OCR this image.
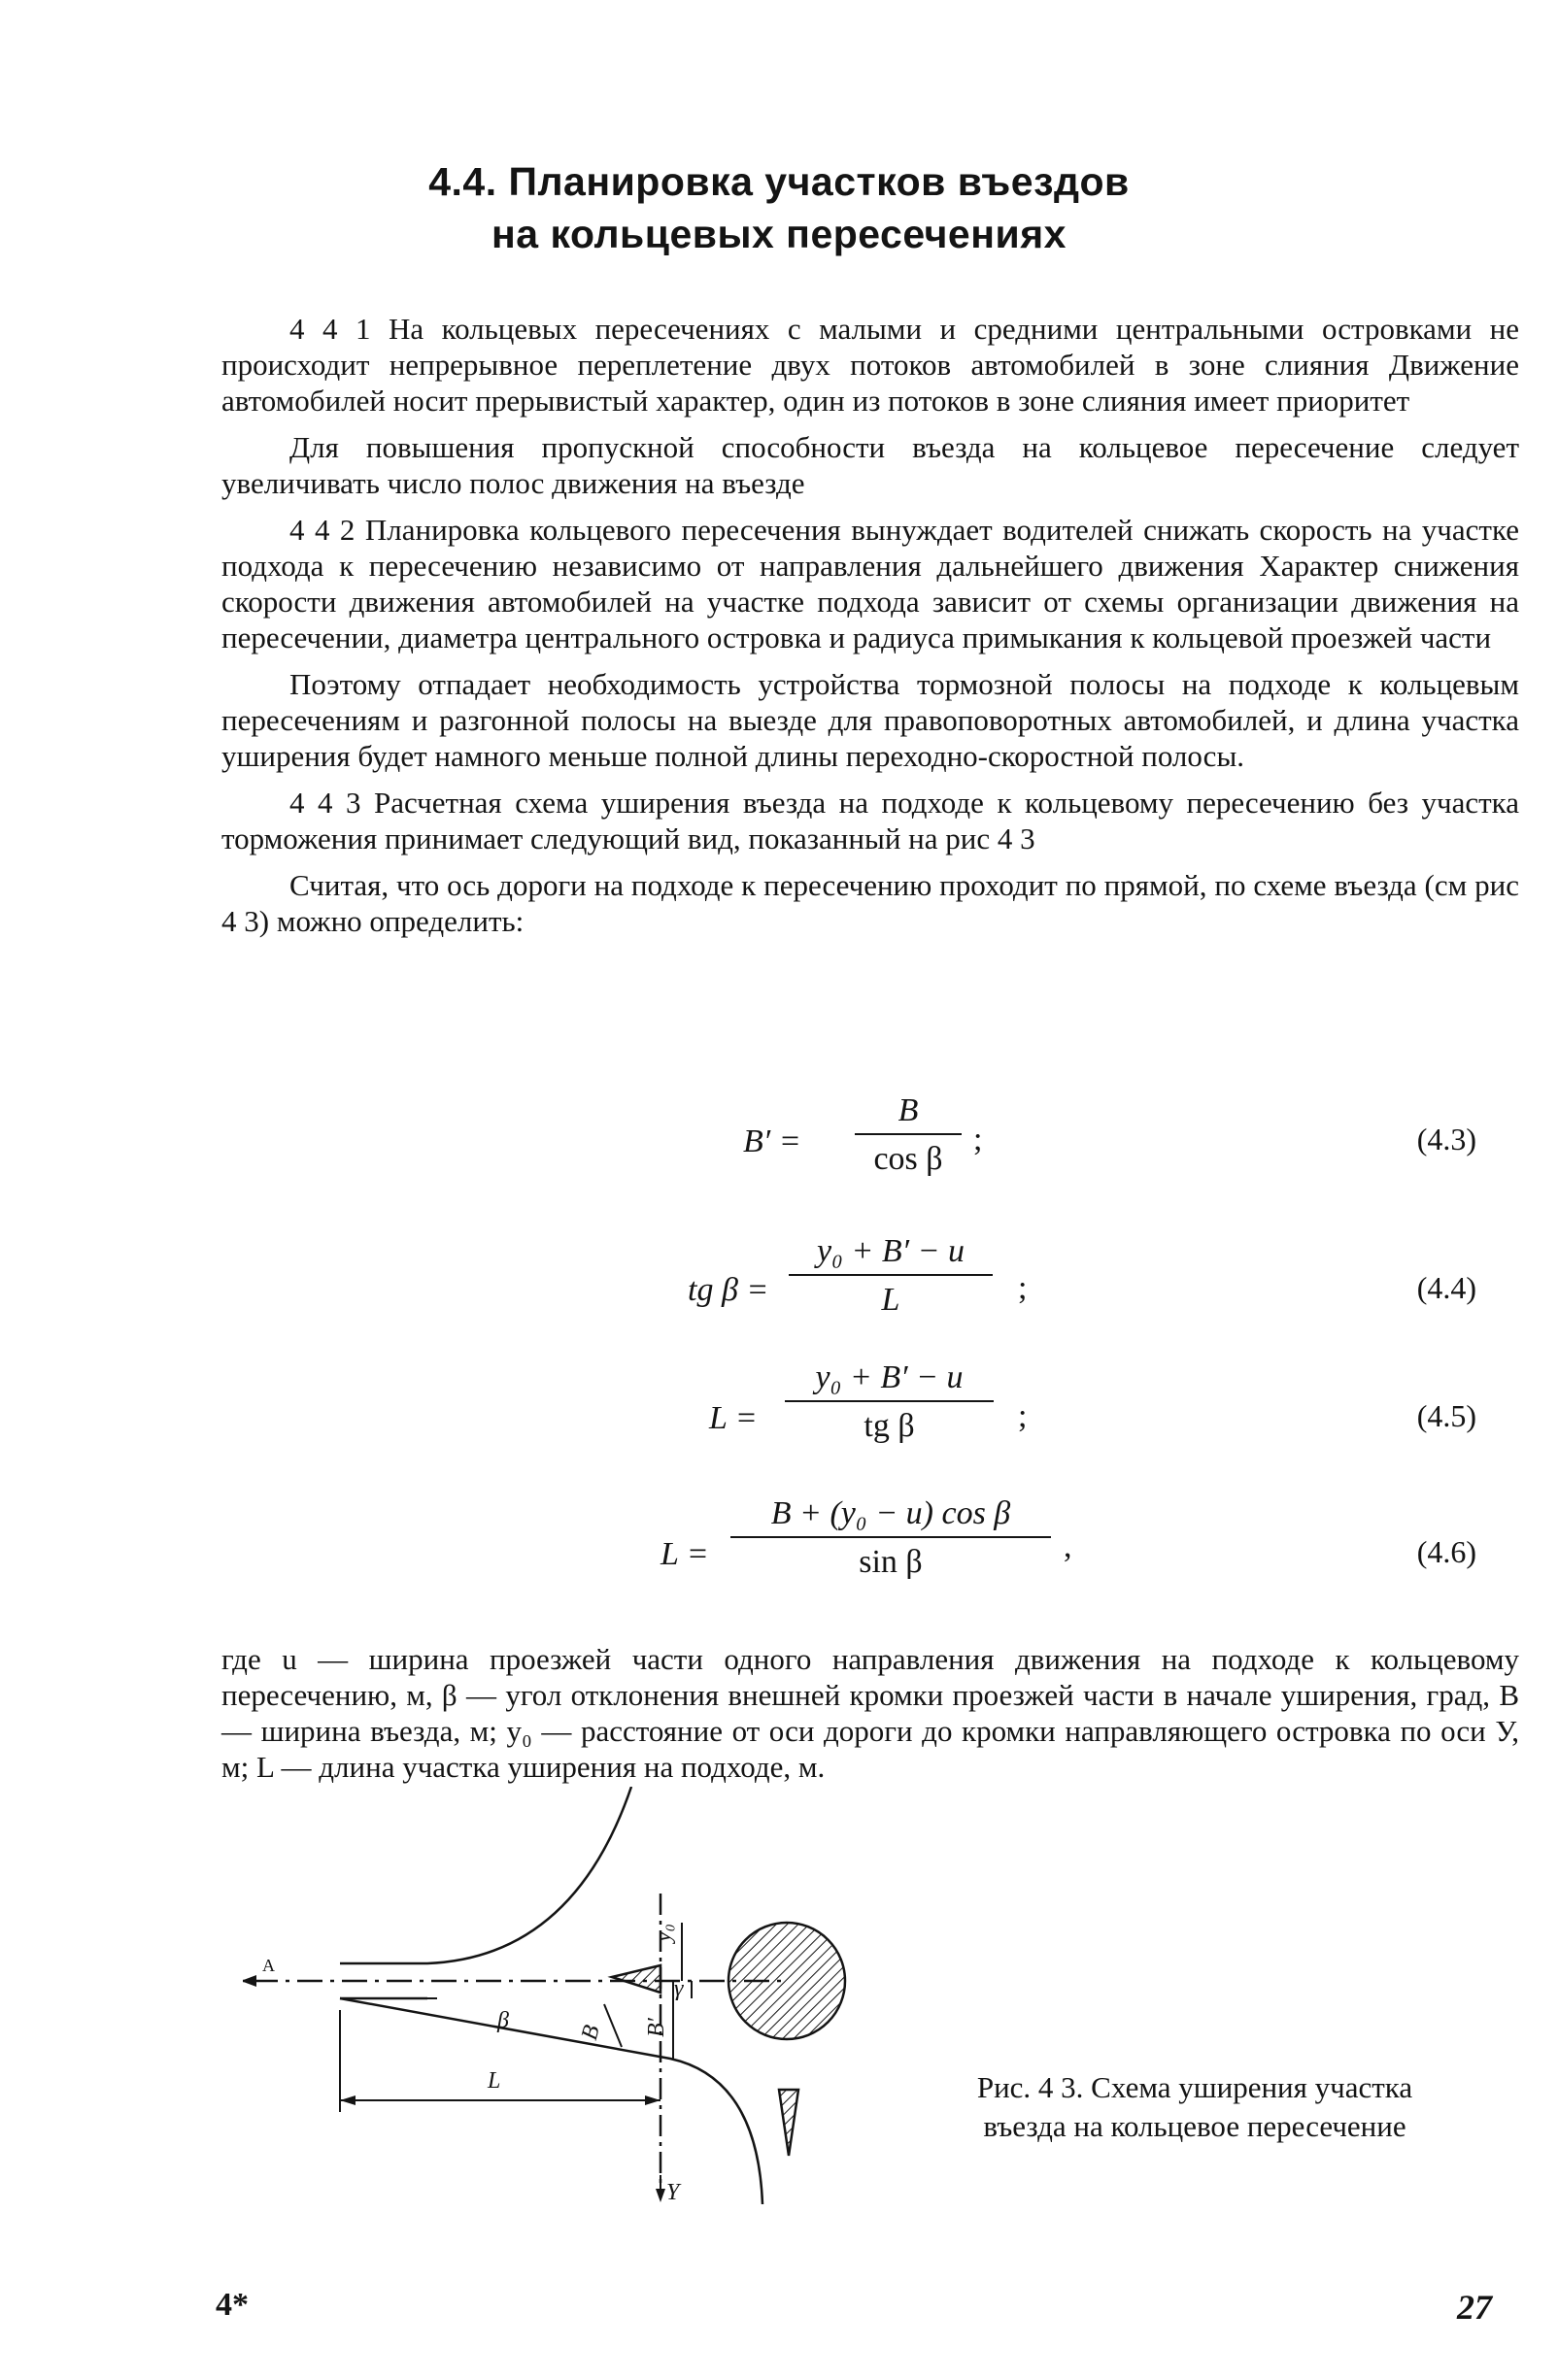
4.4. Планировка участков въездов
на кольцевых пересечениях

4 4 1 На кольцевых пересечениях с малыми и средними центральными островками не происходит непрерывное переплетение двух потоков автомобилей в зоне слияния Движение автомобилей носит прерывистый характер, один из потоков в зоне слияния имеет приоритет

Для повышения пропускной способности въезда на кольцевое пересечение следует увеличивать число полос движения на въезде

4 4 2 Планировка кольцевого пересечения вынуждает водителей снижать скорость на участке подхода к пересечению независимо от направления дальнейшего движения Характер снижения скорости движения автомобилей на участке подхода зависит от схемы организации движения на пересечении, диаметра центрального островка и радиуса примыкания к кольцевой проезжей части

Поэтому отпадает необходимость устройства тормозной полосы на подходе к кольцевым пересечениям и разгонной полосы на выезде для правоповоротных автомобилей, и длина участка уширения будет намного меньше полной длины переходно-скоростной полосы.

4 4 3 Расчетная схема уширения въезда на подходе к кольцевому пересечению без участка торможения принимает следующий вид, показанный на рис 4 3

Считая, что ось дороги на подходе к пересечению проходит по прямой, по схеме въезда (см рис 4 3) можно определить:

$B' = \frac{B}{\text{cos β}}$ ;	(4.3)
tg $\beta = \frac{\text{y₀ + B′ − u}}{L}$ ;	(4.4)
$L = \frac{\text{y₀ + B′ − u}}{\text{tg β}}$ ;	(4.5)
$L = \frac{\text{B + (y₀ − u) cos β}}{\text{sin β}}$ ,	(4.6)
где u — ширина проезжей части одного направления движения на подходе к кольцевому пересечению, м, β — угол отклонения внешней кромки проезжей части в начале уширения, град, B — ширина въезда, м; y₀ — расстояние от оси дороги до кромки направляющего островка по оси У, м; L — длина участка уширения на подходе, м.
A
β
y₀
γ
B B′
L
Y
Рис. 4 3. Схема уширения участка
въезда на кольцевое пересечение
4*	27
